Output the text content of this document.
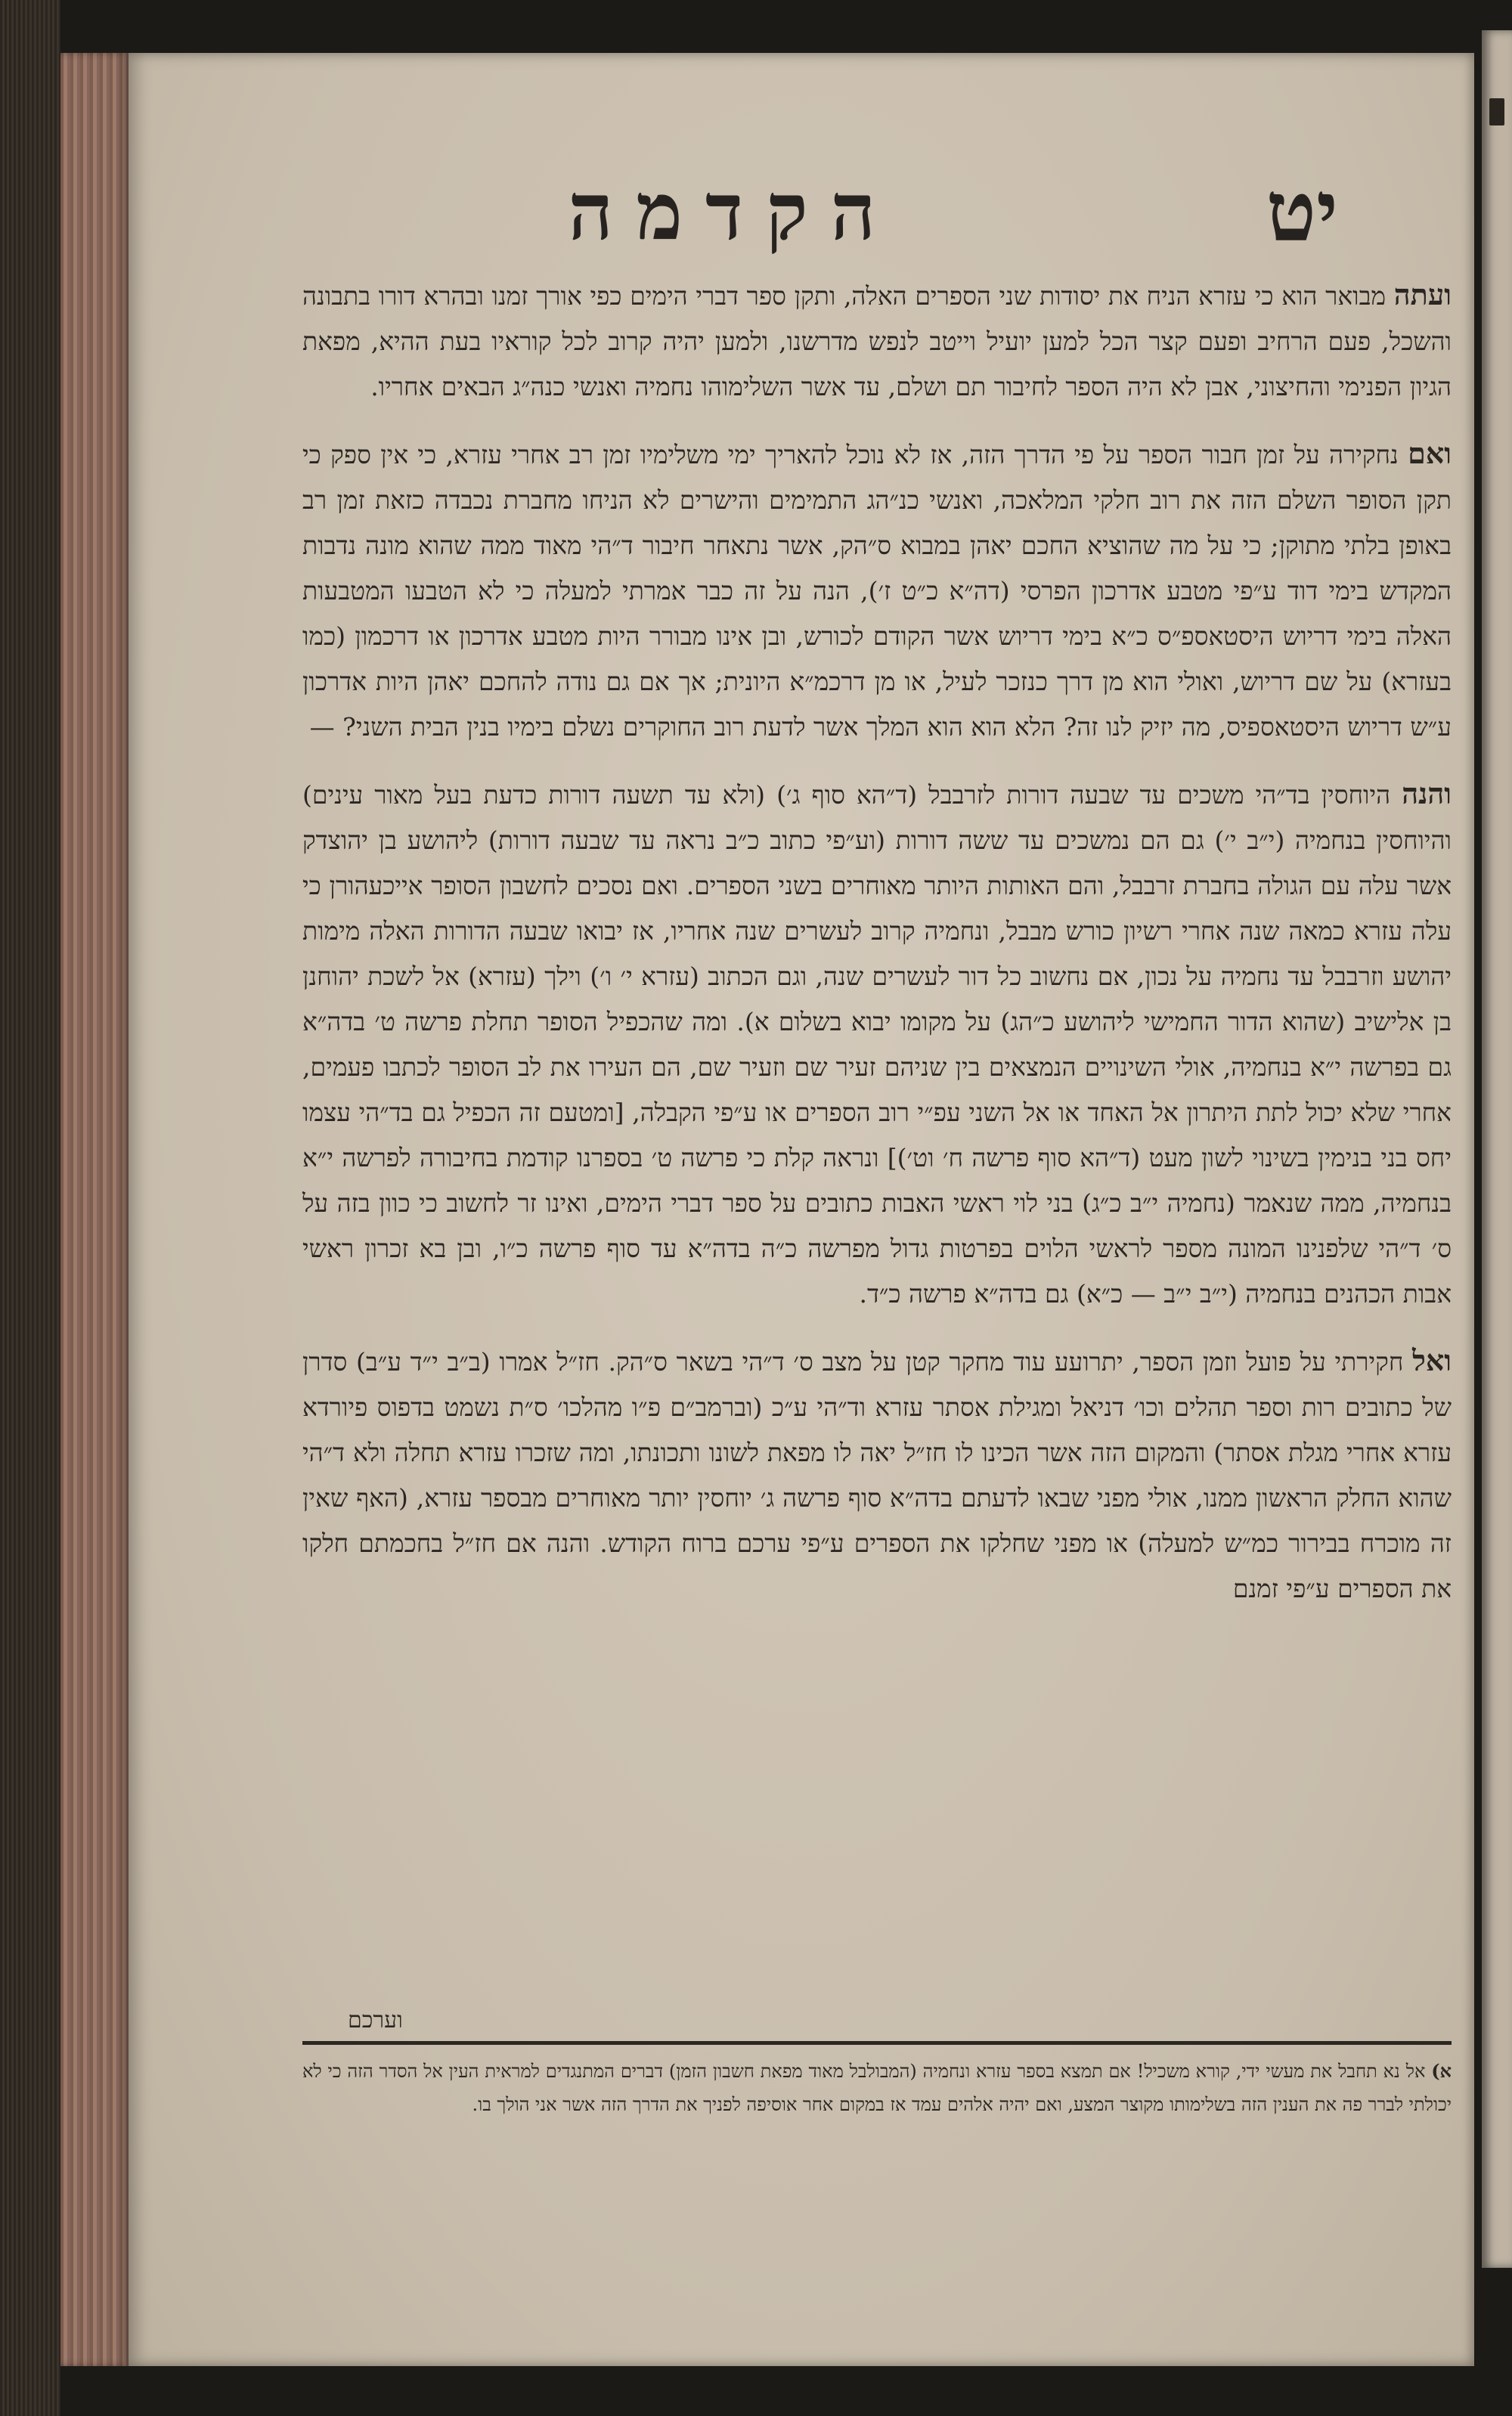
יט
הקדמה

ועתה מבואר הוא כי עזרא הניח את יסודות שני הספרים האלה, ותקן ספר דברי הימים כפי אורך זמנו ובהרא דורו בתבונה והשכל, פעם הרחיב ופעם קצר הכל למען יועיל וייטב לנפש מדרשנו, ולמען יהיה קרוב לכל קוראיו בעת ההיא, מפאת הגיון הפנימי והחיצוני, אבן לא היה הספר לחיבור תם ושלם, עד אשר השלימוהו נחמיה ואנשי כנה״ג הבאים אחריו.

ואם נחקירה על זמן חבור הספר על פי הדרך הזה, אז לא נוכל להאריך ימי משלימיו זמן רב אחרי עזרא, כי אין ספק כי תקן הסופר השלם הזה את רוב חלקי המלאכה, ואנשי כנ״הג התמימים והישרים לא הניחו מחברת נכבדה כזאת זמן רב באופן בלתי מתוקן; כי על מה שהוציא החכם יאהן במבוא ס״הק, אשר נתאחר חיבור ד״הי מאוד ממה שהוא מונה נדבות המקדש בימי דוד ע״פי מטבע אדרכון הפרסי (דה״א כ״ט ז׳), הנה על זה כבר אמרתי למעלה כי לא הטבעו המטבעות האלה בימי דריוש היסטאספ״ס כ״א בימי דריוש אשר הקודם לכורש, ובן אינו מבורר היות מטבע אדרכון או דרכמון (כמו בעזרא) על שם דריוש, ואולי הוא מן דרך כנזכר לעיל, או מן דרכמ״א היונית; אך אם גם נודה להחכם יאהן היות אדרכון ע״ש דריוש היסטאספיס, מה יזיק לנו זה? הלא הוא הוא המלך אשר לדעת רוב החוקרים נשלם בימיו בנין הבית השני? —

והנה היוחסין בד״הי משכים עד שבעה דורות לזרבבל (ד״הא סוף ג׳) (ולא עד תשעה דורות כדעת בעל מאור עינים) והיוחסין בנחמיה (י״ב י׳) גם הם נמשכים עד ששה דורות (וע״פי כתוב כ״ב נראה עד שבעה דורות) ליהושע בן יהוצדק אשר עלה עם הגולה בחברת זרבבל, והם האותות היותר מאוחרים בשני הספרים. ואם נסכים לחשבון הסופר אייכעהורן כי עלה עזרא כמאה שנה אחרי רשיון כורש מבבל, ונחמיה קרוב לעשרים שנה אחריו, אז יבואו שבעה הדורות האלה מימות יהושע וזרבבל עד נחמיה על נכון, אם נחשוב כל דור לעשרים שנה, וגם הכתוב (עזרא י׳ ו׳) וילך (עזרא) אל לשכת יהוחנן בן אלישיב (שהוא הדור החמישי ליהושע כ״הג) על מקומו יבוא בשלום א). ומה שהכפיל הסופר תחלת פרשה ט׳ בדה״א גם בפרשה י״א בנחמיה, אולי השינויים הנמצאים בין שניהם זעיר שם וזעיר שם, הם העירו את לב הסופר לכתבו פעמים, אחרי שלא יכול לתת היתרון אל האחד או אל השני עפ״י רוב הספרים או ע״פי הקבלה, [ומטעם זה הכפיל גם בד״הי עצמו יחס בני בנימין בשינוי לשון מעט (ד״הא סוף פרשה ח׳ וט׳)] ונראה קלת כי פרשה ט׳ בספרנו קודמת בחיבורה לפרשה י״א בנחמיה, ממה שנאמר (נחמיה י״ב כ״ג) בני לוי ראשי האבות כתובים על ספר דברי הימים, ואינו זר לחשוב כי כוון בזה על ס׳ ד״הי שלפנינו המונה מספר לראשי הלוים בפרטות גדול מפרשה כ״ה בדה״א עד סוף פרשה כ״ו, ובן בא זכרון ראשי אבות הכהנים בנחמיה (י״ב י״ב — כ״א) גם בדה״א פרשה כ״ד.

ואל חקירתי על פועל וזמן הספר, יתרועע עוד מחקר קטן על מצב ס׳ ד״הי בשאר ס״הק. חז״ל אמרו (ב״ב י״ד ע״ב) סדרן של כתובים רות וספר תהלים וכו׳ דניאל ומגילת אסתר עזרא וד״הי ע״כ (וברמב״ם פ״ו מהלכו׳ ס״ת נשמט בדפוס פיורדא עזרא אחרי מגלת אסתר) והמקום הזה אשר הכינו לו חז״ל יאה לו מפאת לשונו ותכונתו, ומה שזכרו עזרא תחלה ולא ד״הי שהוא החלק הראשון ממנו, אולי מפני שבאו לדעתם בדה״א סוף פרשה ג׳ יוחסין יותר מאוחרים מבספר עזרא, (האף שאין זה מוכרח בבירור כמ״ש למעלה) או מפני שחלקו את הספרים ע״פי ערכם ברוח הקודש. והנה אם חז״ל בחכמתם חלקו את הספרים ע״פי זמנם

וערכם
א) אל נא תחבל את מעשי ידי, קורא משכיל! אם תמצא בספר עזרא ונחמיה (המבולבל מאוד מפאת חשבון הזמן) דברים המתנגדים למראית העין אל הסדר הזה כי לא יכולתי לברר פה את הענין הזה בשלימותו מקוצר המצע, ואם יהיה אלהים עמד אז במקום אחר אוסיפה לפניך את הדרך הזה אשר אני הולך בו.
